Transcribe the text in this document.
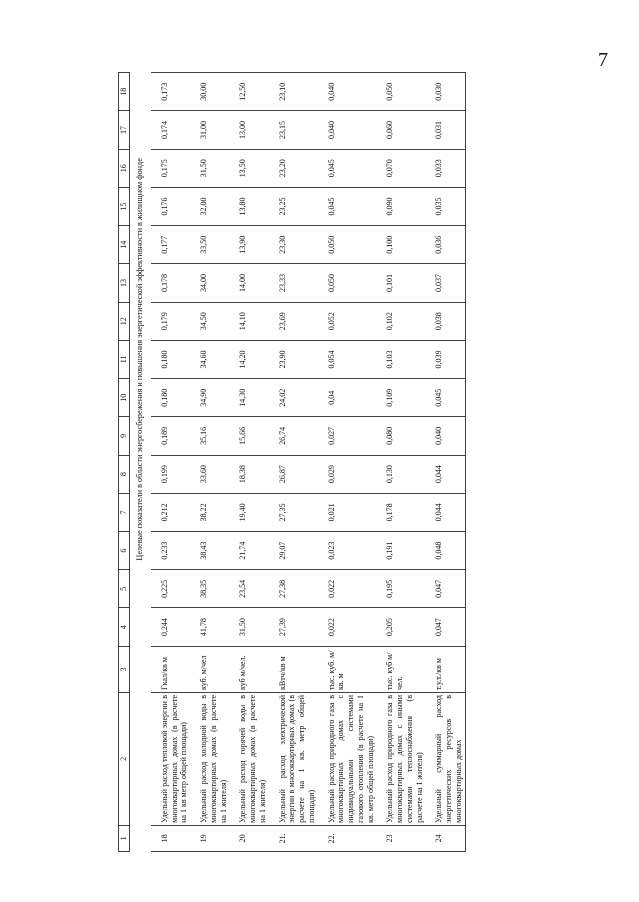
7
1	2	3	4	5	6	7	8	9	10	11	12	13	14	15	16	17	18
			Целевые показатели в области энергосбережения и повышения энергетической эффективности в жилищном фонде														
18	Удельный расход тепловой энергии в многоквартирных домах (в расчете на 1 кв метр общей площади)	Гкал/кв м	0,244	0,225	0,233	0,212	0,199	0,189	0,180	0,180	0,179	0,178	0,177	0,176	0,175	0,174	0,173
19	Удельный расход холодной воды в многоквартирных домах (в расчете на 1 жителя)	куб. м/чел	41,78	38,35	38,43	38,22	33,60	35,16	34,90	34,60	34,50	34,00	33,50	32,00	31,50	31,00	30,00
20	Удельный расход горячей воды в многоквартирных домах (в расчете на 1 жителя)	куб м/чел.	31,50	23,54	21,74	19,40	18,38	15,66	14,30	14,20	14,10	14,00	13,90	13,80	13,50	13,00	12,50
21.	Удельный расход электрической энергии в многоквартирных домах (в расчете на 1 кв. метр общей площади)	кВтч/кв м	27,39	27,38	29,07	27,35	26,87	26,74	24,02	23,90	23,69	23,33	23,30	23,25	23,20	23,15	23,10
22.	Удельный расход природного газа в многоквартирных домах с индивидуальными системами газового отопления (в расчете на 1 кв. метр общей площади)	тыс. куб. м/ кв. м	0,022	0,022	0,023	0,021	0,029	0,027	0,04	0,054	0,052	0,050	0,050	0,045	0,045	0,040	0,040
23	Удельный расход природного газа в многоквартирных домах с иными системами теплоснабжения (в расчете на 1 жителя)	тыс. куб м/чел.	0,205	0,195	0,191	0,178	0,130	0,080	0,109	0,103	0,102	0,101	0,100	0,090	0,070	0,060	0,050
24	Удельный суммарный расход энергетических ресурсов в многоквартирных домах	т.у.т./кв м	0,047	0,047	0,048	0,044	0,044	0,040	0,045	0,039	0,038	0,037	0,036	0,035	0,033	0,031	0,030
